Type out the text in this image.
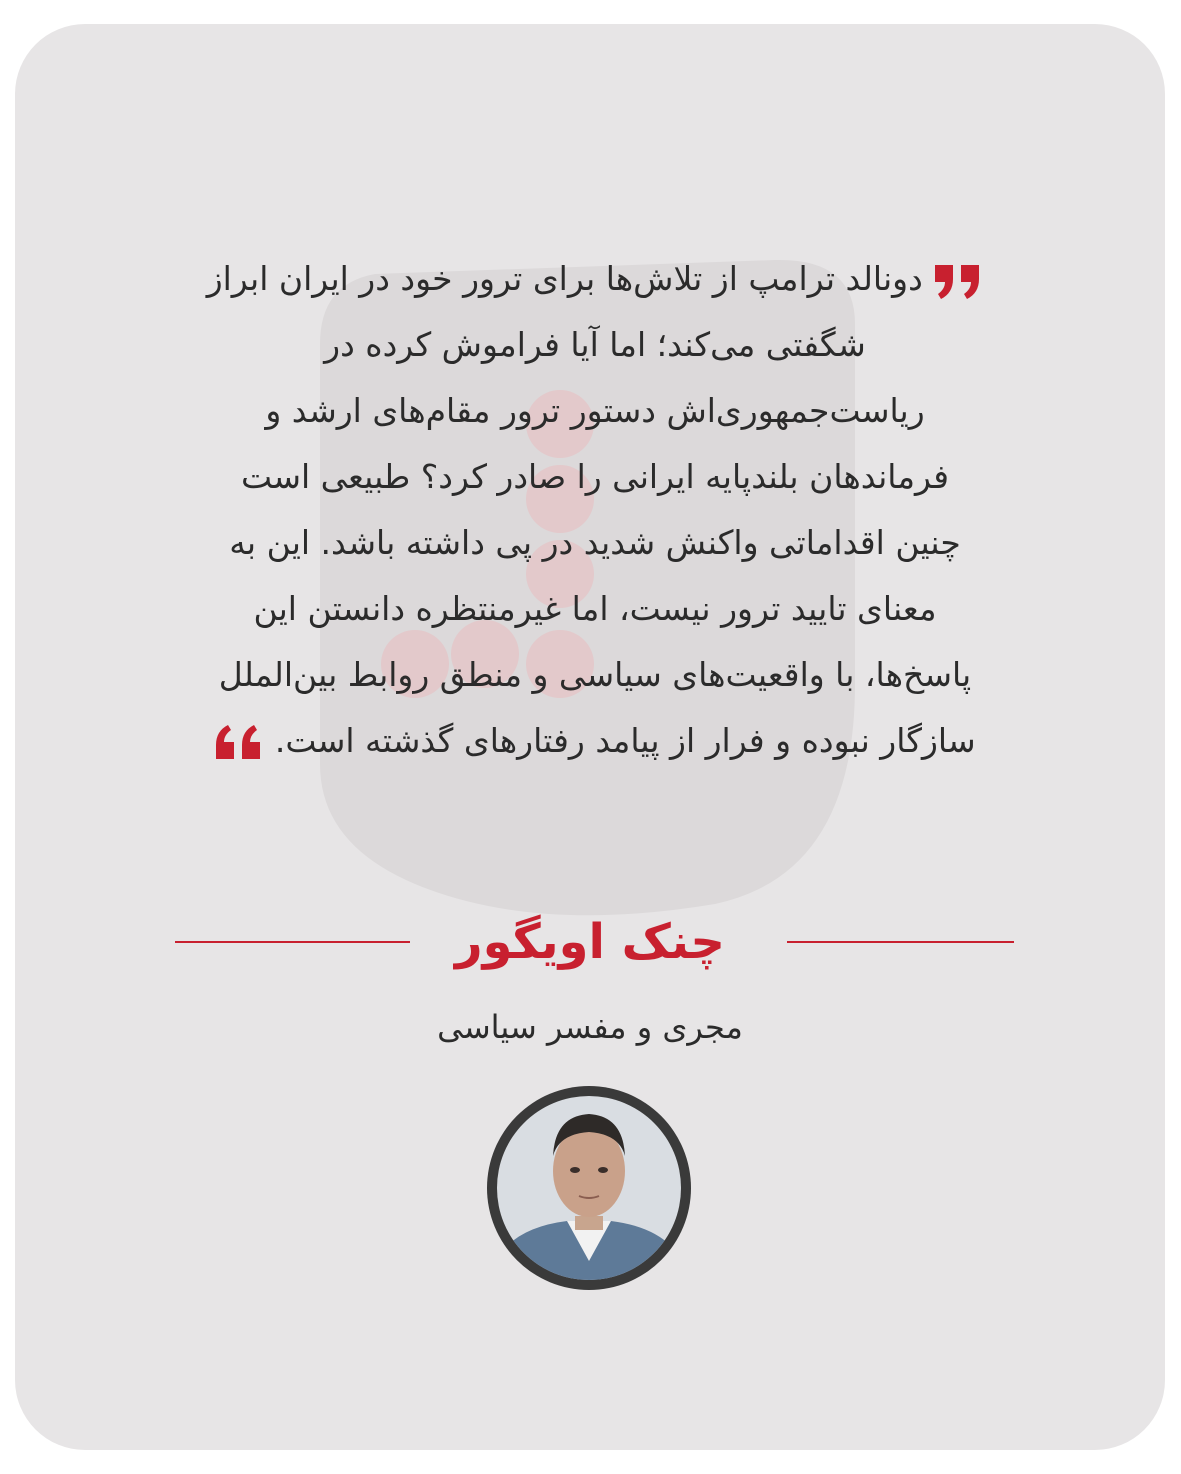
دونالد ترامپ از تلاش‌ها برای ترور خود در ایران ابراز
شگفتی می‌کند؛ اما آیا فراموش کرده در
ریاست‌جمهوری‌اش دستور ترور مقام‌های ارشد و
فرماندهان بلندپایه ایرانی را صادر کرد؟ طبیعی است
چنین اقداماتی واکنش شدید در پی داشته باشد. این به
معنای تایید ترور نیست، اما غیرمنتظره دانستن این
پاسخ‌ها، با واقعیت‌های سیاسی و منطق روابط بین‌الملل
سازگار نبوده و فرار از پیامد رفتارهای گذشته است.
چنک اویگور
مجری و مفسر سیاسی
